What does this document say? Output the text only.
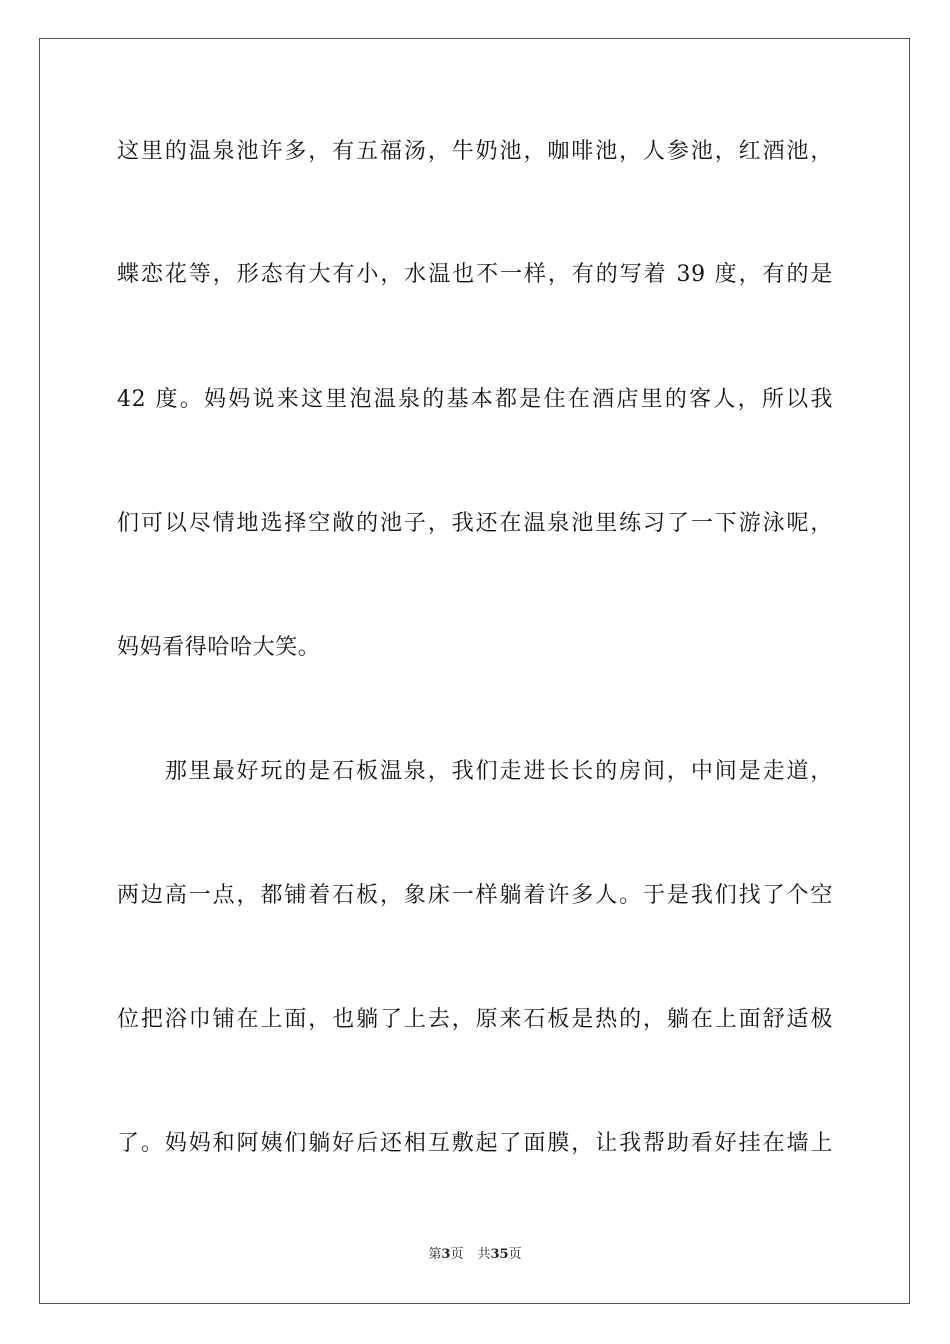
这里的温泉池许多，有五福汤，牛奶池，咖啡池，人参池，红酒池，
蝶恋花等，形态有大有小，水温也不一样，有的写着 39 度，有的是
42 度。妈妈说来这里泡温泉的基本都是住在酒店里的客人，所以我
们可以尽情地选择空敞的池子，我还在温泉池里练习了一下游泳呢，
妈妈看得哈哈大笑。
　　那里最好玩的是石板温泉，我们走进长长的房间，中间是走道，
两边高一点，都铺着石板，象床一样躺着许多人。于是我们找了个空
位把浴巾铺在上面，也躺了上去，原来石板是热的，躺在上面舒适极
了。妈妈和阿姨们躺好后还相互敷起了面膜，让我帮助看好挂在墙上
第3页 共35页
